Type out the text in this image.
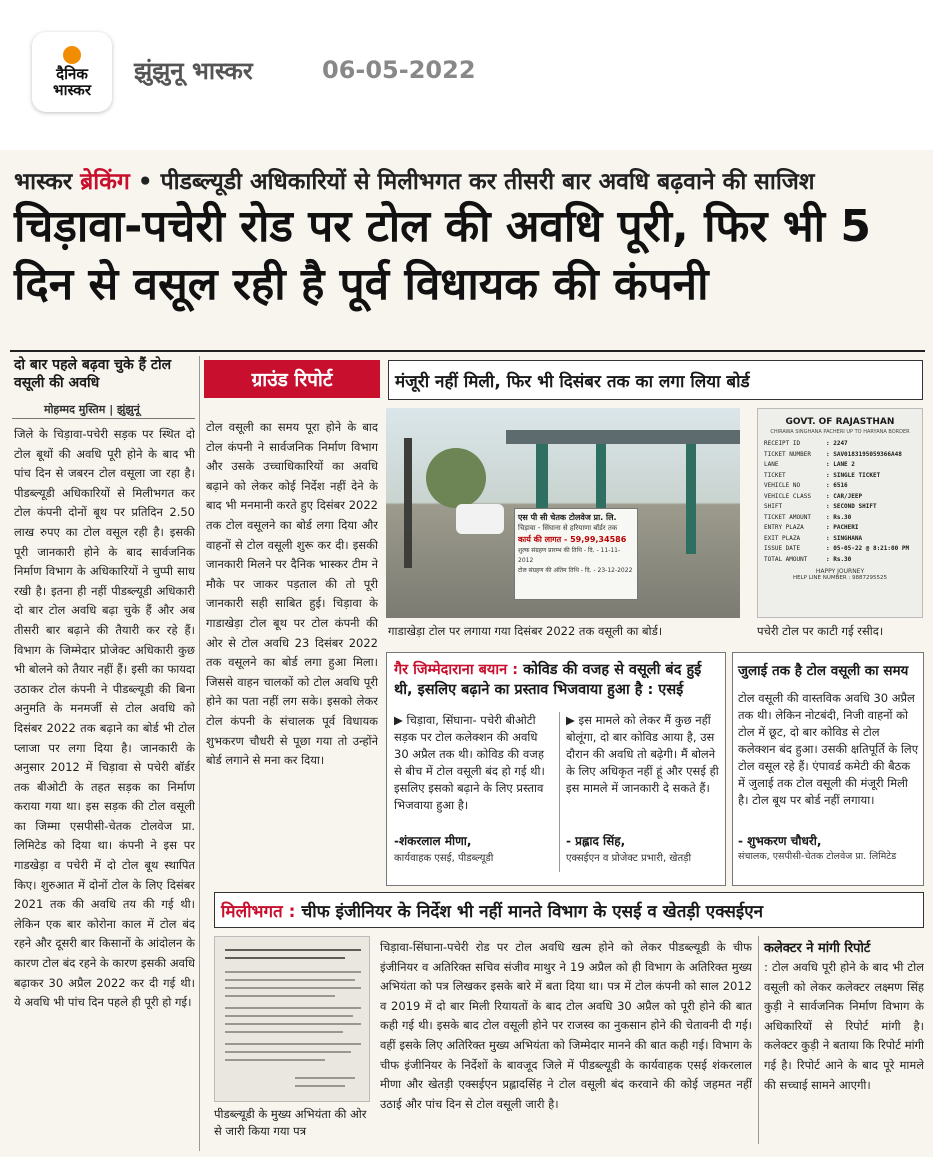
दैनिक
भास्कर
झुंझुनू भास्कर	06-05-2022
भास्कर ब्रेकिंग • पीडब्ल्यूडी अधिकारियों से मिलीभगत कर तीसरी बार अवधि बढ़वाने की साजिश
चिड़ावा-पचेरी रोड पर टोल की अवधि पूरी, फिर भी 5 दिन से वसूल रही है पूर्व विधायक की कंपनी
दो बार पहले बढ़वा चुके हैं टोल वसूली की अवधि
मोहम्मद मुस्तिम | झुंझुनूं
जिले के चिड़ावा-पचेरी सड़क पर स्थित दो टोल बूथों की अवधि पूरी होने के बाद भी पांच दिन से जबरन टोल वसूला जा रहा है। पीडब्ल्यूडी अधिकारियों से मिलीभगत कर टोल कंपनी दोनों बूथ पर प्रतिदिन 2.50 लाख रुपए का टोल वसूल रही है। इसकी पूरी जानकारी होने के बाद सार्वजनिक निर्माण विभाग के अधिकारियों ने चुप्पी साध रखी है। इतना ही नहीं पीडब्ल्यूडी अधिकारी दो बार टोल अवधि बढ़ा चुके हैं और अब तीसरी बार बढ़ाने की तैयारी कर रहे हैं। विभाग के जिम्मेदार प्रोजेक्ट अधिकारी कुछ भी बोलने को तैयार नहीं हैं। इसी का फायदा उठाकर टोल कंपनी ने पीडब्ल्यूडी की बिना अनुमति के मनमर्जी से टोल अवधि को दिसंबर 2022 तक बढ़ाने का बोर्ड भी टोल प्लाजा पर लगा दिया है। जानकारी के अनुसार 2012 में चिड़ावा से पचेरी बॉर्डर तक बीओटी के तहत सड़क का निर्माण कराया गया था। इस सड़क की टोल वसूली का जिम्मा एसपीसी-चेतक टोलवेज प्रा. लिमिटेड को दिया था। कंपनी ने इस पर गाडखेड़ा व पचेरी में दो टोल बूथ स्थापित किए। शुरुआत में दोनों टोल के लिए दिसंबर 2021 तक की अवधि तय की गई थी। लेकिन एक बार कोरोना काल में टोल बंद रहने और दूसरी बार किसानों के आंदोलन के कारण टोल बंद रहने के कारण इसकी अवधि बढ़ाकर 30 अप्रैल 2022 कर दी गई थी। ये अवधि भी पांच दिन पहले ही पूरी हो गई।
ग्राउंड रिपोर्ट
टोल वसूली का समय पूरा होने के बाद टोल कंपनी ने सार्वजनिक निर्माण विभाग और उसके उच्चाधिकारियों का अवधि बढ़ाने को लेकर कोई निर्देश नहीं देने के बाद भी मनमानी करते हुए दिसंबर 2022 तक टोल वसूलने का बोर्ड लगा दिया और वाहनों से टोल वसूली शुरू कर दी। इसकी जानकारी मिलने पर दैनिक भास्कर टीम ने मौके पर जाकर पड़ताल की तो पूरी जानकारी सही साबित हुई। चिड़ावा के गाडाखेड़ा टोल बूथ पर टोल कंपनी की ओर से टोल अवधि 23 दिसंबर 2022 तक वसूलने का बोर्ड लगा हुआ मिला। जिससे वाहन चालकों को टोल अवधि पूरी होने का पता नहीं लग सके। इसको लेकर टोल कंपनी के संचालक पूर्व विधायक शुभकरण चौधरी से पूछा गया तो उन्होंने बोर्ड लगाने से मना कर दिया।
मंजूरी नहीं मिली, फिर भी दिसंबर तक का लगा लिया बोर्ड
एस पी सी चेतक टोलवेज प्रा. लि.
चिड़ावा - सिंघाना से हरियाणा बॉर्डर तक
कार्य की लागत - 59,99,34586
शुल्क संग्रहण प्रारम्भ की तिथि - दि. - 11-11-2012
टोल संग्रहण की अंतिम तिथि - दि. - 23-12-2022
GOVT. OF RAJASTHAN
CHIRAWA SINGHANA PACHERI UP TO HARYANA BORDER
RECEIPT ID	: 2247
TICKET NUMBER	: SAV0183195059366A48
LANE	: LANE 2
TICKET	: SINGLE TICKET
VEHICLE NO	: 6516
VEHICLE CLASS	: CAR/JEEP
SHIFT	: SECOND SHIFT
TICKET AMOUNT	: Rs.30
ENTRY PLAZA	: PACHERI
EXIT PLAZA	: SINGHANA
ISSUE DATE	: 05-05-22 @ 8:21:00 PM
TOTAL AMOUNT	: Rs.30
HAPPY JOURNEY
HELP LINE NUMBER : 9887295525
गाडाखेड़ा टोल पर लगाया गया दिसंबर 2022 तक वसूली का बोर्ड।	पचेरी टोल पर काटी गई रसीद।
गैर जिम्मेदाराना बयान : कोविड की वजह से वसूली बंद हुई थी, इसलिए बढ़ाने का प्रस्ताव भिजवाया हुआ है : एसई
▶ चिड़ावा, सिंघाना- पचेरी बीओटी सड़क पर टोल कलेक्शन की अवधि 30 अप्रैल तक थी। कोविड की वजह से बीच में टोल वसूली बंद हो गई थी। इसलिए इसको बढ़ाने के लिए प्रस्ताव भिजवाया हुआ है।
-शंकरलाल मीणा,
कार्यवाहक एसई, पीडब्ल्यूडी
▶ इस मामले को लेकर मैं कुछ नहीं बोलूंगा, दो बार कोविड आया है, उस दौरान की अवधि तो बढ़ेगी। मैं बोलने के लिए अधिकृत नहीं हूं और एसई ही इस मामले में जानकारी दे सकते हैं।
- प्रह्लाद सिंह,
एक्सईएन व प्रोजेक्ट प्रभारी, खेतड़ी
जुलाई तक है टोल वसूली का समय
टोल वसूली की वास्तविक अवधि 30 अप्रैल तक थी। लेकिन नोटबंदी, निजी वाहनों को टोल में छूट, दो बार कोविड से टोल कलेक्शन बंद हुआ। उसकी क्षतिपूर्ति के लिए टोल वसूल रहे हैं। एंपावर्ड कमेटी की बैठक में जुलाई तक टोल वसूली की मंजूरी मिली है। टोल बूथ पर बोर्ड नहीं लगाया।
- शुभकरण चौधरी,
संचालक, एसपीसी-चेतक टोलवेज प्रा. लिमिटेड
मिलीभगत : चीफ इंजीनियर के निर्देश भी नहीं मानते विभाग के एसई व खेतड़ी एक्सईएन
पीडब्ल्यूडी के मुख्य अभियंता की ओर से जारी किया गया पत्र
चिड़ावा-सिंघाना-पचेरी रोड पर टोल अवधि खत्म होने को लेकर पीडब्ल्यूडी के चीफ इंजीनियर व अतिरिक्त सचिव संजीव माथुर ने 19 अप्रैल को ही विभाग के अतिरिक्त मुख्य अभियंता को पत्र लिखकर इसके बारे में बता दिया था। पत्र में टोल कंपनी को साल 2012 व 2019 में दो बार मिली रियायतों के बाद टोल अवधि 30 अप्रैल को पूरी होने की बात कही गई थी। इसके बाद टोल वसूली होने पर राजस्व का नुकसान होने की चेतावनी दी गई। वहीं इसके लिए अतिरिक्त मुख्य अभियंता को जिम्मेदार मानने की बात कही गई। विभाग के चीफ इंजीनियर के निर्देशों के बावजूद जिले में पीडब्ल्यूडी के कार्यवाहक एसई शंकरलाल मीणा और खेतड़ी एक्सईएन प्रह्लादसिंह ने टोल वसूली बंद करवाने की कोई जहमत नहीं उठाई और पांच दिन से टोल वसूली जारी है।
कलेक्टर ने मांगी रिपोर्ट
: टोल अवधि पूरी होने के बाद भी टोल वसूली को लेकर कलेक्टर लक्ष्मण सिंह कुड़ी ने सार्वजनिक निर्माण विभाग के अधिकारियों से रिपोर्ट मांगी है। कलेक्टर कुड़ी ने बताया कि रिपोर्ट मांगी गई है। रिपोर्ट आने के बाद पूरे मामले की सच्चाई सामने आएगी।
